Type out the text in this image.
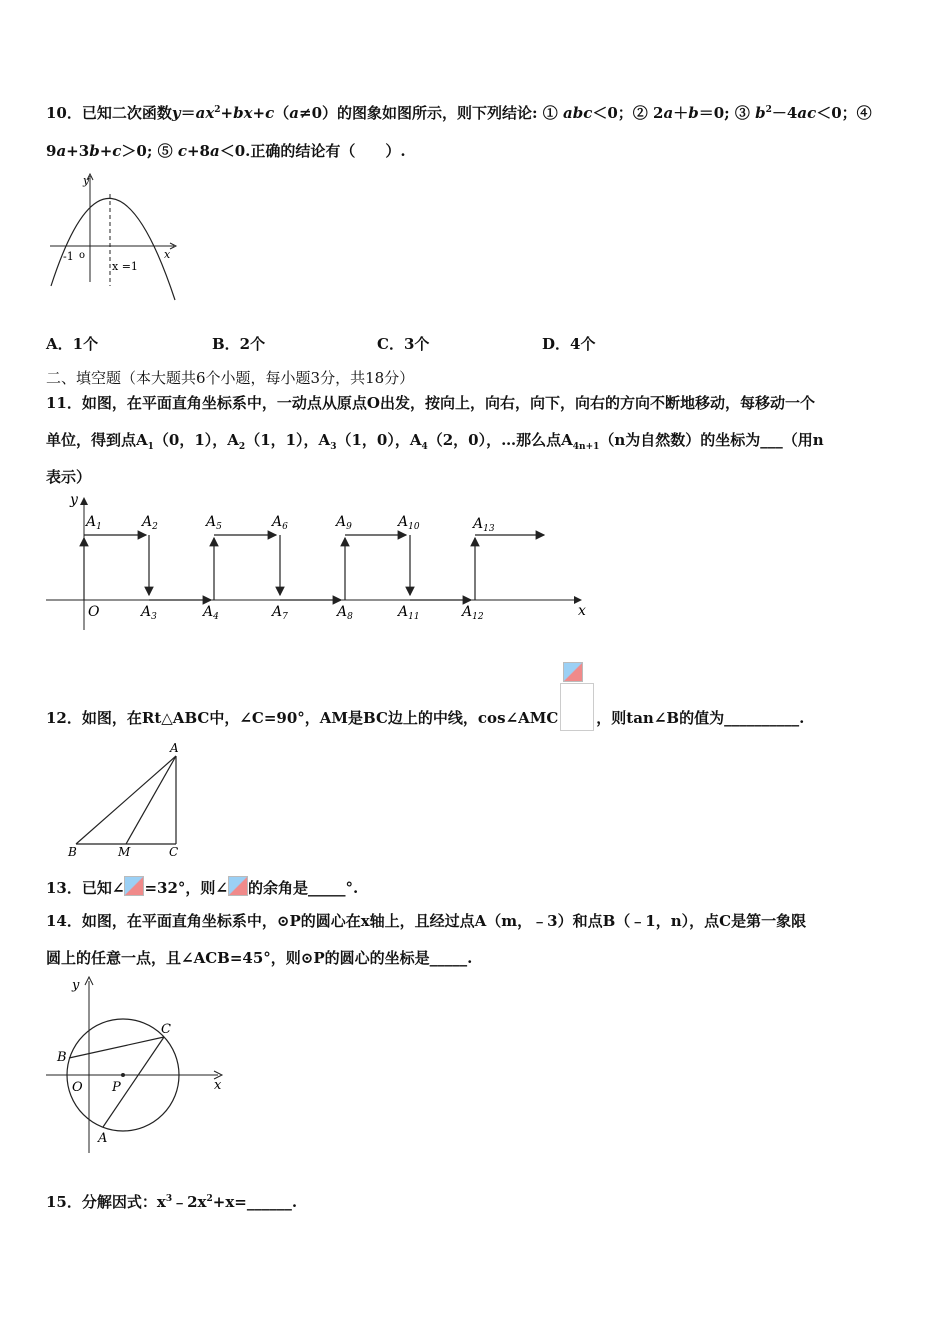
10．已知二次函数$y=ax^2+bx+c(a\ne 0)$的图象如图所示，则下列结论: ① abc＜0；② 2a＋b＝0; ③ $b^2-4ac<0$；④
9a+3b+c＞0; ⑤ c+8a＜0.正确的结论有（　　）.
y
x
-1 o
x =1
A．1个	B．2个	C．3个	D．4个
二、填空题（本大题共6个小题，每小题3分，共18分）
11．如图，在平面直角坐标系中，一动点从原点O出发，按向上，向右，向下，向右的方向不断地移动，每移动一个
单位，得到点$A_1(0$，1），$A_2(1$，1），$A_3(1$，0），$A_4(2$，0），…那么点$A_{4n+1}(n$为自然数）的坐标为___（用n
表示）
y
x
O
$A_1$	$A_2$	$A_5$	$A_6$	$A_9$	$A_{10}$	$A_{13}$
$A_3$	$A_4$	$A_7$	$A_8$	$A_{11}$	$A_{12}$
12．如图，在Rt△ABC中，∠C=90°，AM是BC边上的中线，cos∠AMC	，则tan∠B的值为__________.
A
B	M	C
13．已知∠ =32°，则∠ 的余角是_____°.
14．如图，在平面直角坐标系中，⊙P的圆心在x轴上，且经过点A（m，﹣3）和点B（﹣1，n），点C是第一象限
圆上的任意一点，且∠ACB=45°，则⊙P的圆心的坐标是_____.
y
x
O P
B
C
A
15．分解因式：$x^3﹣2x^2+x=\_\_\_\_\_\_$.
